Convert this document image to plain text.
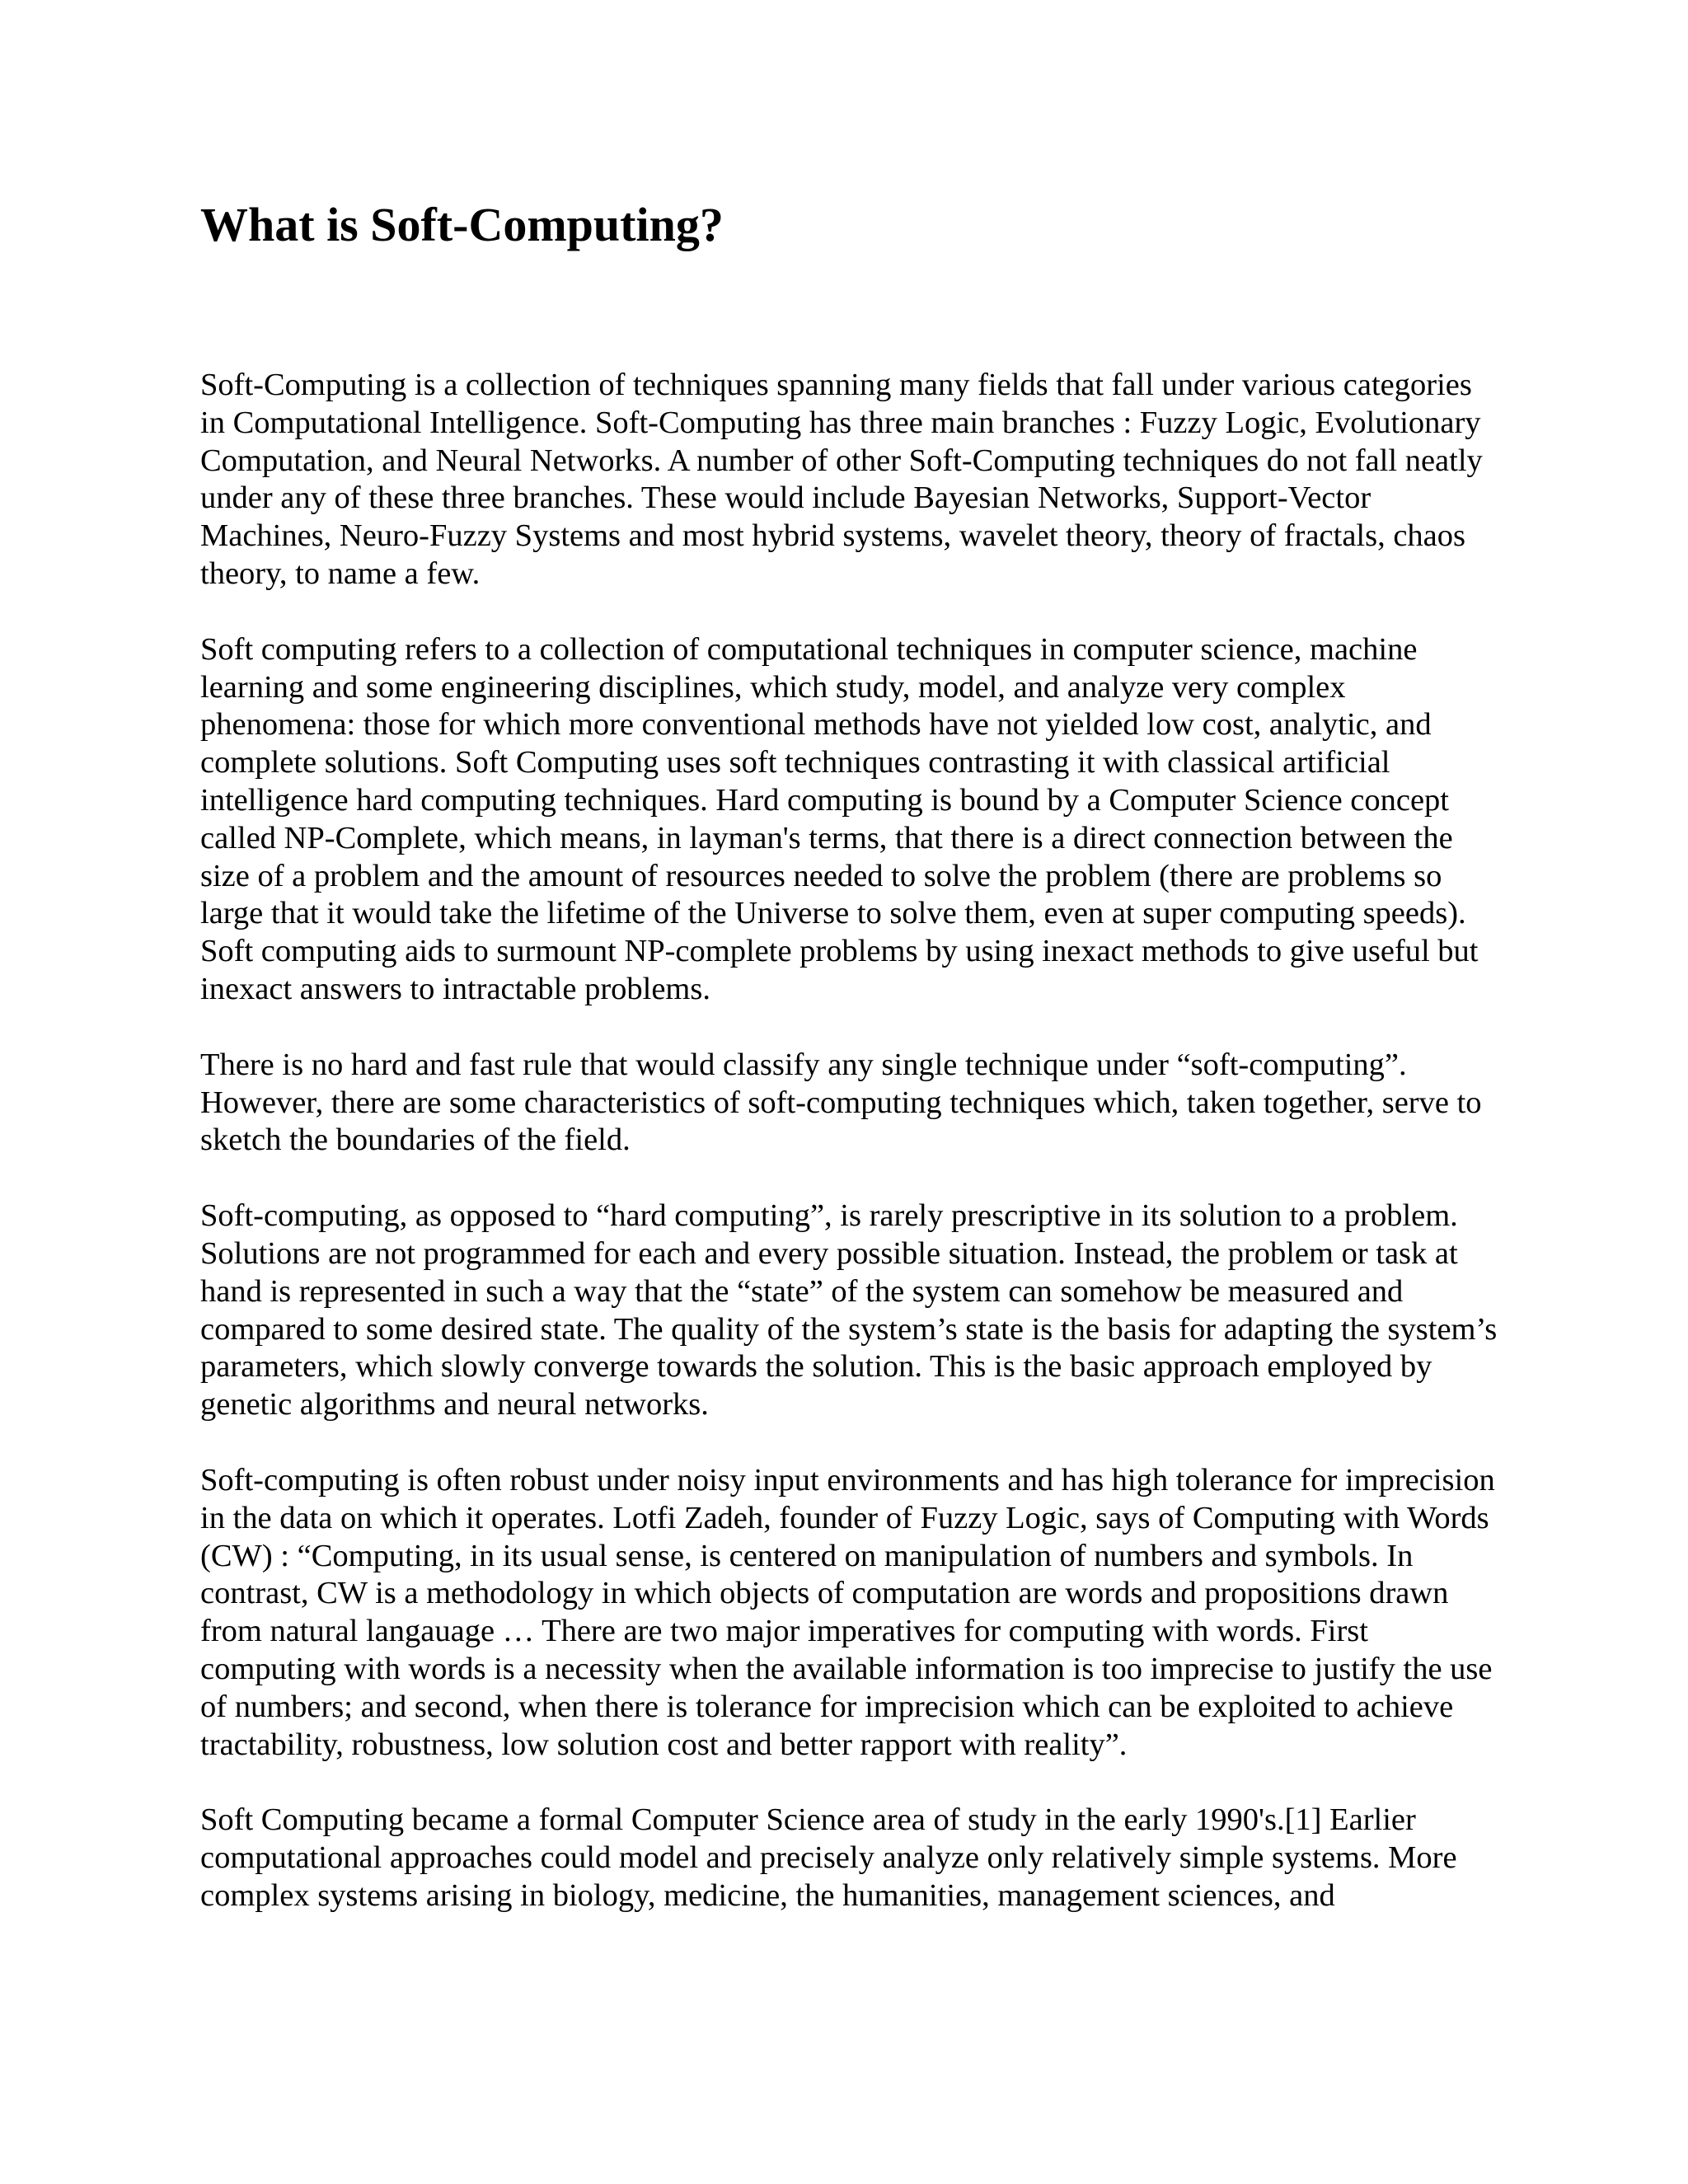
What is Soft-Computing?

Soft-Computing is a collection of techniques spanning many fields that fall under various categories in Computational Intelligence. Soft-Computing has three main branches : Fuzzy Logic, Evolutionary Computation, and Neural Networks. A number of other Soft-Computing techniques do not fall neatly under any of these three branches. These would include Bayesian Networks, Support-Vector Machines, Neuro-Fuzzy Systems and most hybrid systems, wavelet theory, theory of fractals, chaos theory, to name a few.

Soft computing refers to a collection of computational techniques in computer science, machine learning and some engineering disciplines, which study, model, and analyze very complex phenomena: those for which more conventional methods have not yielded low cost, analytic, and complete solutions. Soft Computing uses soft techniques contrasting it with classical artificial intelligence hard computing techniques. Hard computing is bound by a Computer Science concept called NP-Complete, which means, in layman's terms, that there is a direct connection between the size of a problem and the amount of resources needed to solve the problem (there are problems so large that it would take the lifetime of the Universe to solve them, even at super computing speeds). Soft computing aids to surmount NP-complete problems by using inexact methods to give useful but inexact answers to intractable problems.

There is no hard and fast rule that would classify any single technique under “soft-computing”. However, there are some characteristics of soft-computing techniques which, taken together, serve to sketch the boundaries of the field.

Soft-computing, as opposed to “hard computing”, is rarely prescriptive in its solution to a problem. Solutions are not programmed for each and every possible situation. Instead, the problem or task at hand is represented in such a way that the “state” of the system can somehow be measured and compared to some desired state. The quality of the system’s state is the basis for adapting the system’s parameters, which slowly converge towards the solution. This is the basic approach employed by genetic algorithms and neural networks.

Soft-computing is often robust under noisy input environments and has high tolerance for imprecision in the data on which it operates. Lotfi Zadeh, founder of Fuzzy Logic, says of Computing with Words (CW) : “Computing, in its usual sense, is centered on manipulation of numbers and symbols. In contrast, CW is a methodology in which objects of computation are words and propositions drawn from natural langauage … There are two major imperatives for computing with words. First computing with words is a necessity when the available information is too imprecise to justify the use of numbers; and second, when there is tolerance for imprecision which can be exploited to achieve tractability, robustness, low solution cost and better rapport with reality”.

Soft Computing became a formal Computer Science area of study in the early 1990's.[1] Earlier computational approaches could model and precisely analyze only relatively simple systems. More complex systems arising in biology, medicine, the humanities, management sciences, and
